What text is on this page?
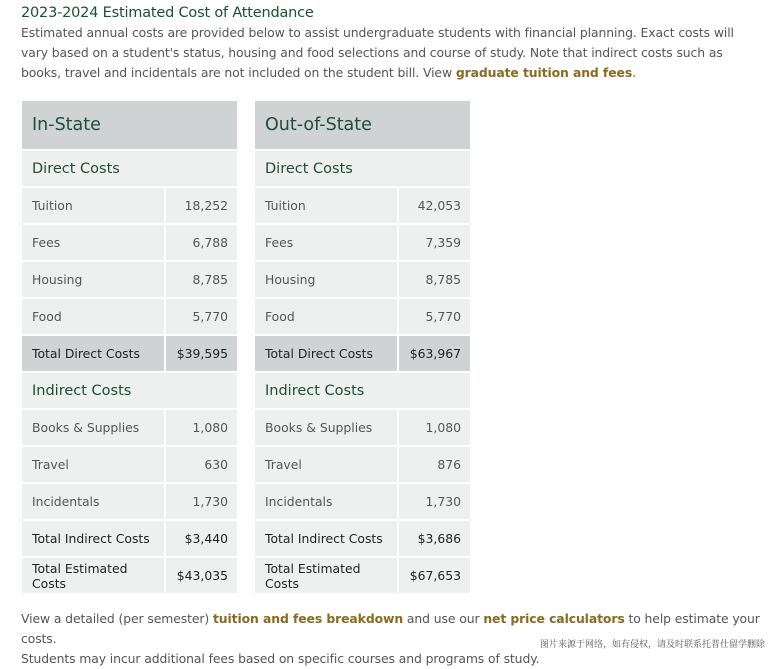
2023-2024 Estimated Cost of Attendance
Estimated annual costs are provided below to assist undergraduate students with financial planning. Exact costs will vary based on a student's status, housing and food selections and course of study. Note that indirect costs such as books, travel and incidentals are not included on the student bill. View graduate tuition and fees.
In-State
Direct Costs
Tuition	18,252
Fees	6,788
Housing	8,785
Food	5,770
Total Direct Costs	$39,595
Indirect Costs
Books & Supplies	1,080
Travel	630
Incidentals	1,730
Total Indirect Costs	$3,440
Total Estimated Costs	$43,035
Out-of-State
Direct Costs
Tuition	42,053
Fees	7,359
Housing	8,785
Food	5,770
Total Direct Costs	$63,967
Indirect Costs
Books & Supplies	1,080
Travel	876
Incidentals	1,730
Total Indirect Costs	$3,686
Total Estimated Costs	$67,653
View a detailed (per semester) tuition and fees breakdown and use our net price calculators to help estimate your costs.
Students may incur additional fees based on specific courses and programs of study.
图片来源于网络，如有侵权，请及时联系托普仕留学删除
